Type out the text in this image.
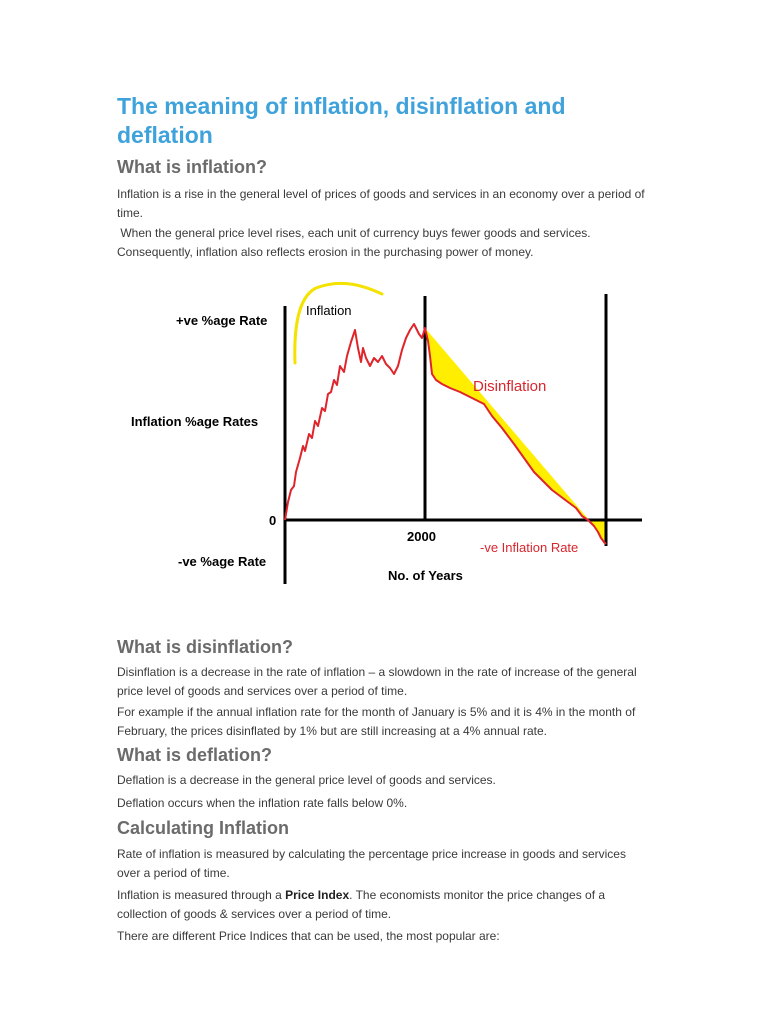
The meaning of inflation, disinflation and deflation
What is inflation?

Inflation is a rise in the general level of prices of goods and services in an economy over a period of time.

When the general price level rises, each unit of currency buys fewer goods and services. Consequently, inflation also reflects erosion in the purchasing power of money.

What is disinflation?

Disinflation is a decrease in the rate of inflation – a slowdown in the rate of increase of the general price level of goods and services over a period of time.

For example if the annual inflation rate for the month of January is 5% and it is 4% in the month of February, the prices disinflated by 1% but are still increasing at a 4% annual rate.

What is deflation?

Deflation is a decrease in the general price level of goods and services.

Deflation occurs when the inflation rate falls below 0%.

Calculating Inflation

Rate of inflation is measured by calculating the percentage price increase in goods and services over a period of time.

Inflation is measured through a Price Index. The economists monitor the price changes of a collection of goods & services over a period of time.

There are different Price Indices that can be used, the most popular are:

+ve %age Rate
Inflation %age Rates
0
-ve %age Rate
2000
No. of Years
Inflation
Disinflation
-ve Inflation Rate
